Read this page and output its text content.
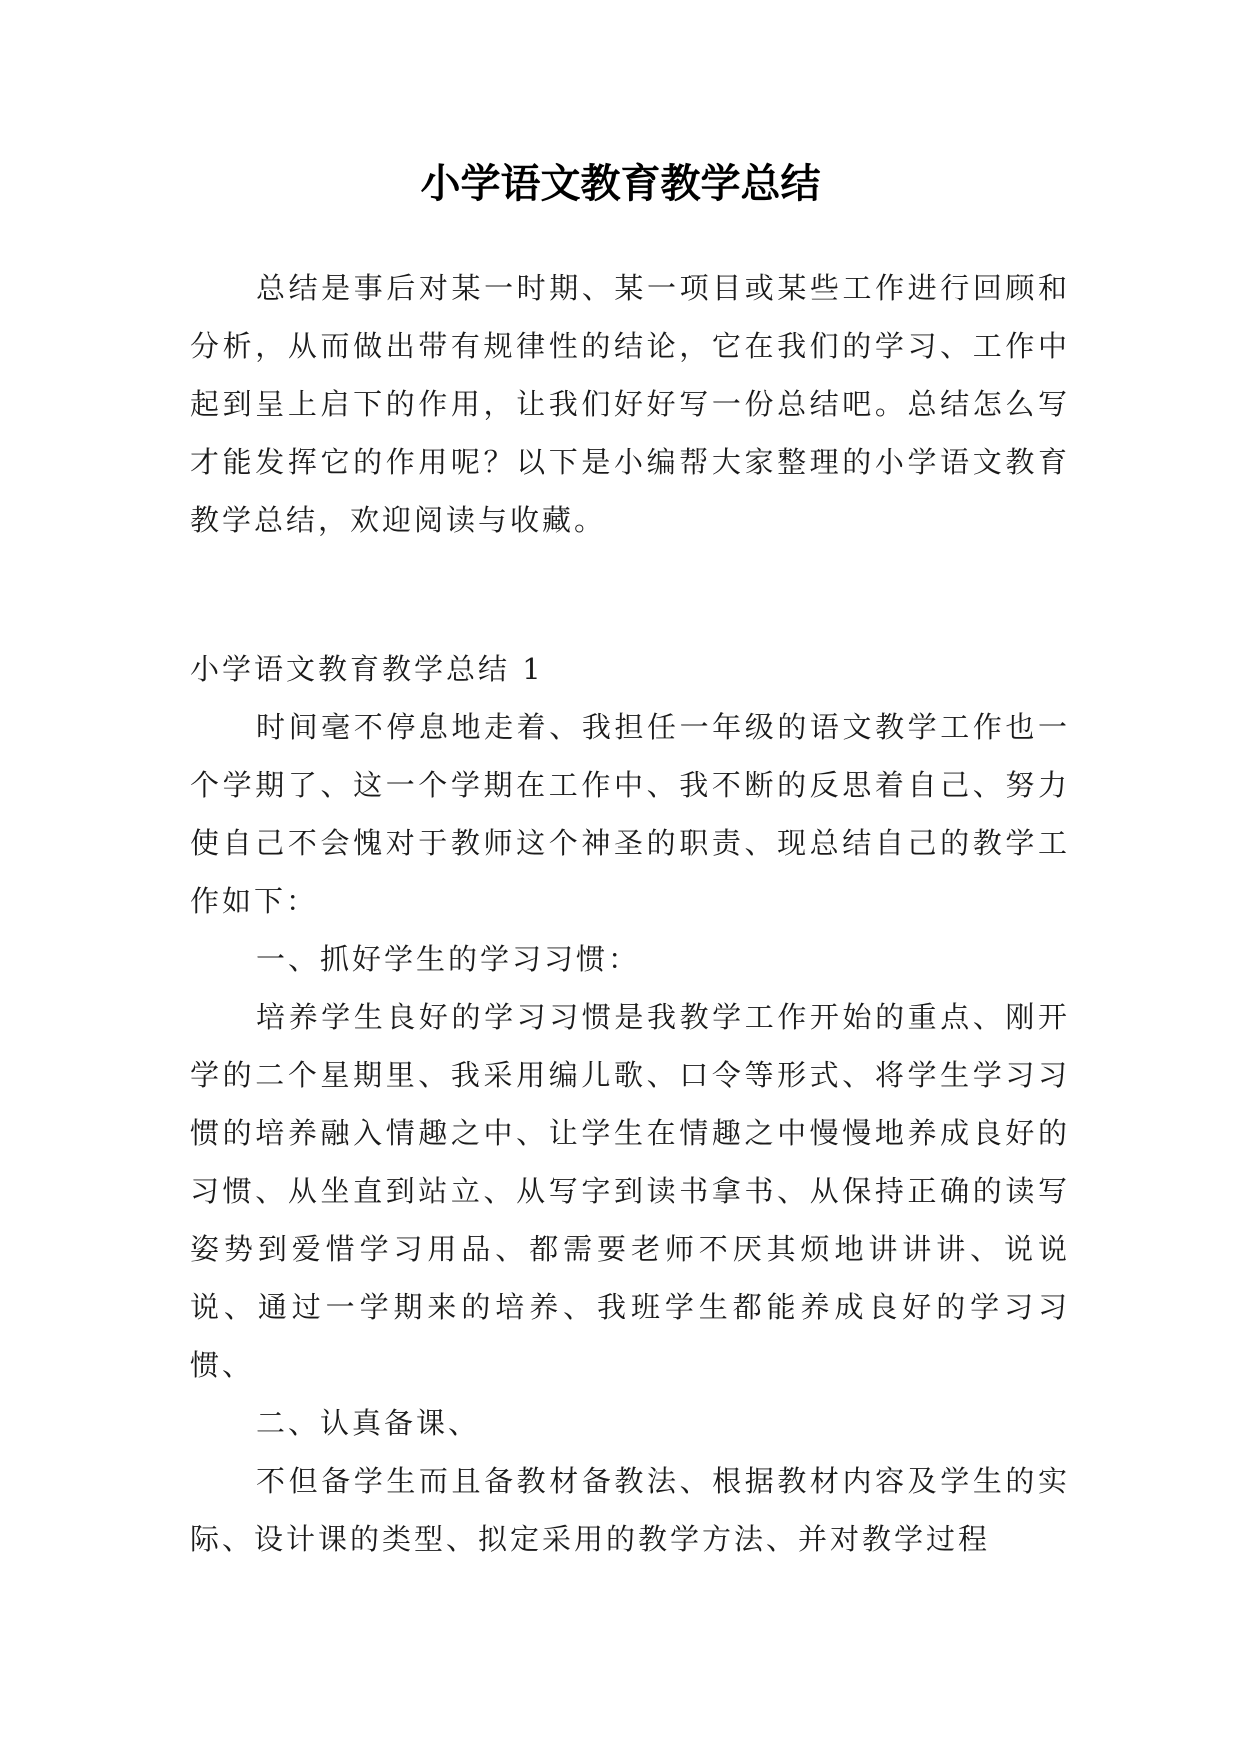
小学语文教育教学总结

总结是事后对某一时期、某一项目或某些工作进行回顾和分析，从而做出带有规律性的结论，它在我们的学习、工作中起到呈上启下的作用，让我们好好写一份总结吧。总结怎么写才能发挥它的作用呢？以下是小编帮大家整理的小学语文教育教学总结，欢迎阅读与收藏。

小学语文教育教学总结 1

时间毫不停息地走着、我担任一年级的语文教学工作也一个学期了、这一个学期在工作中、我不断的反思着自己、努力使自己不会愧对于教师这个神圣的职责、现总结自己的教学工作如下：

一、抓好学生的学习习惯：

培养学生良好的学习习惯是我教学工作开始的重点、刚开学的二个星期里、我采用编儿歌、口令等形式、将学生学习习惯的培养融入情趣之中、让学生在情趣之中慢慢地养成良好的习惯、从坐直到站立、从写字到读书拿书、从保持正确的读写姿势到爱惜学习用品、都需要老师不厌其烦地讲讲讲、说说说、通过一学期来的培养、我班学生都能养成良好的学习习惯、

二、认真备课、

不但备学生而且备教材备教法、根据教材内容及学生的实际、设计课的类型、拟定采用的教学方法、并对教学过程
